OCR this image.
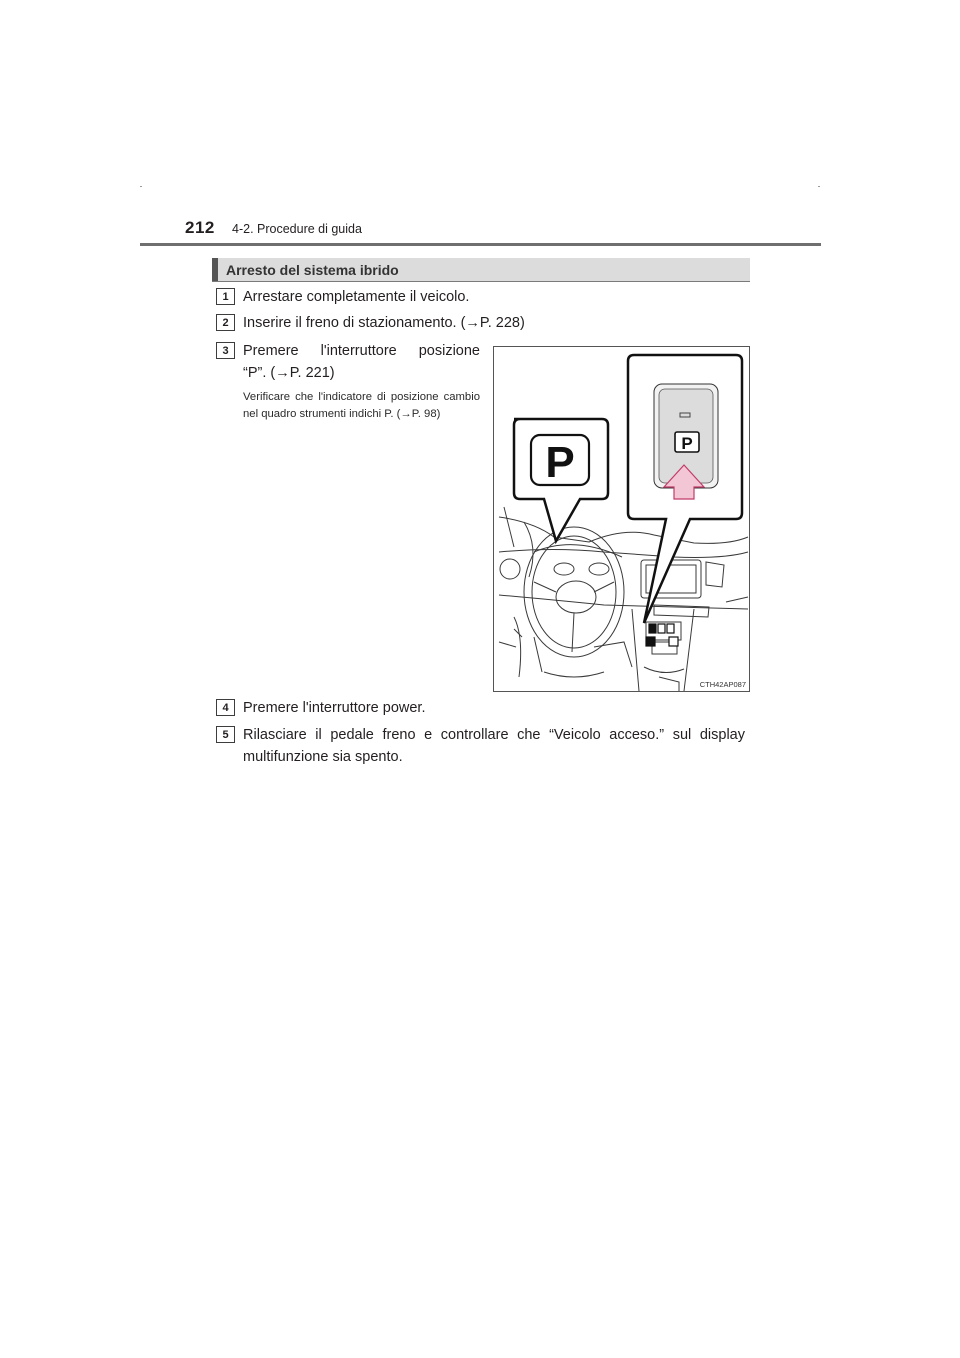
212 4-2. Procedure di guida
Arresto del sistema ibrido
1 Arrestare completamente il veicolo.
2 Inserire il freno di stazionamento. (→P. 228)
3 Premere l'interruttore posizione
“P”. (→P. 221)
Verificare che l'indicatore di posizione cambio nel quadro strumenti indichi P. (→P. 98)
P	P
CTH42AP087
4 Premere l'interruttore power.
5 Rilasciare il pedale freno e controllare che “Veicolo acceso.” sul display multifunzione sia spento.
